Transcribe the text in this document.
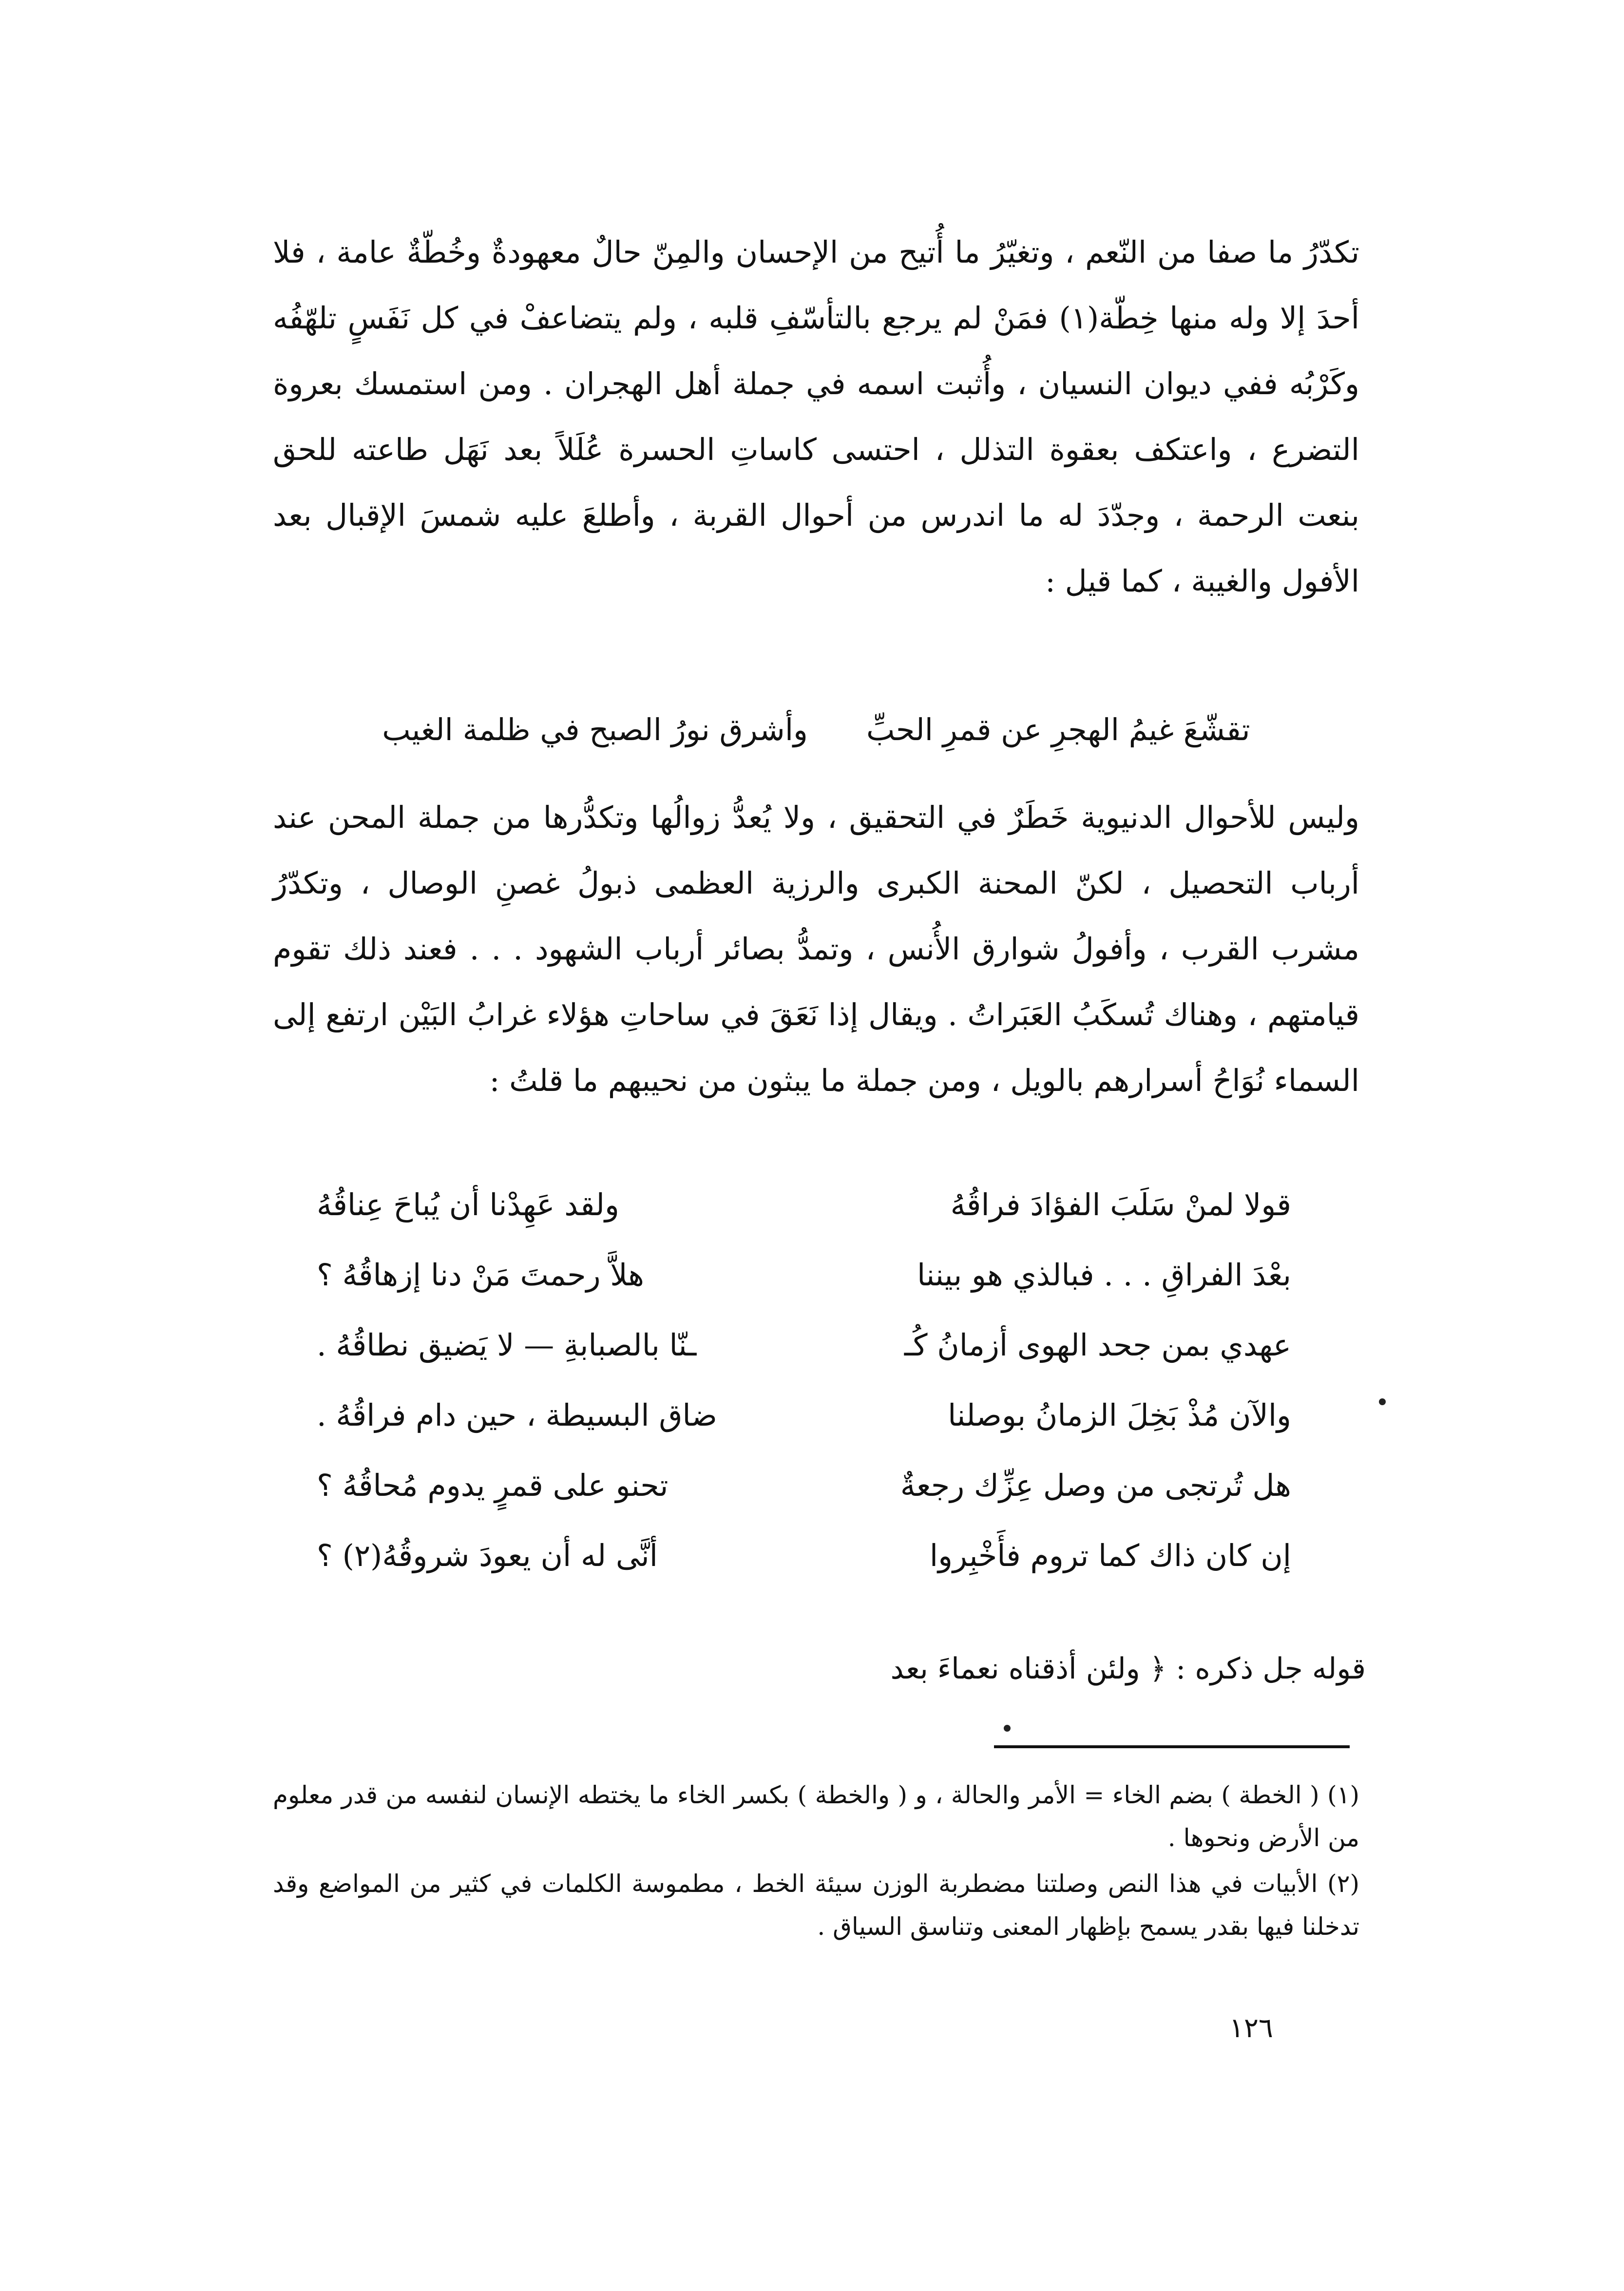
تكدّرُ ما صفا من النّعم ، وتغيّرُ ما أُتيح من الإحسان والمِنّ حالٌ معهودةٌ وخُطّةٌ عامة ، فلا أحدَ إلا وله منها خِطّة(١) فمَنْ لم يرجع بالتأسّفِ قلبه ، ولم يتضاعفْ في كل نَفَسٍ تلهّفُه وكَرْبُه ففي ديوان النسيان ، وأُثبت اسمه في جملة أهل الهجران . ومن استمسك بعروة التضرع ، واعتكف بعقوة التذلل ، احتسى كاساتِ الحسرة عُلَلاً بعد نَهَل طاعته للحق بنعت الرحمة ، وجدّدَ له ما اندرس من أحوال القربة ، وأطلعَ عليه شمسَ الإقبال بعد الأفول والغيبة ، كما قيل :

تقشّعَ غيمُ الهجرِ عن قمرِ الحبِّوأشرق نورُ الصبح في ظلمة الغيب

وليس للأحوال الدنيوية خَطَرٌ في التحقيق ، ولا يُعدُّ زوالُها وتكدُّرها من جملة المحن عند أرباب التحصيل ، لكنّ المحنة الكبرى والرزية العظمى ذبولُ غصنِ الوصال ، وتكدّرُ مشرب القرب ، وأفولُ شوارق الأُنس ، وتمدُّ بصائر أرباب الشهود . . . فعند ذلك تقوم قيامتهم ، وهناك تُسكَبُ العَبَراتُ . ويقال إذا نَعَقَ في ساحاتِ هؤلاء غرابُ البَيْن ارتفع إلى السماء نُوَاحُ أسرارهم بالويل ، ومن جملة ما يبثون من نحيبهم ما قلتُ :

قولا لمنْ سَلَبَ الفؤادَ فراقُهُ
ولقد عَهِدْنا أن يُباحَ عِناقُهُ
بعْدَ الفراقِ . . . فبالذي هو بيننا
هلاَّ رحمتَ مَنْ دنا إزهاقُهُ ؟
عهدي بمن جحد الهوى أزمانُ كُـ
ـنّا بالصبابةِ — لا يَضيق نطاقُهُ .
والآن مُذْ بَخِلَ الزمانُ بوصلنا
ضاق البسيطة ، حين دام فراقُهُ .
هل تُرتجى من وصل عِزِّك رجعةٌ
تحنو على قمرٍ يدوم مُحاقُهُ ؟
إن كان ذاك كما تروم فأَخْبِروا
أنَّى له أن يعودَ شروقُهُ(٢) ؟
قوله جل ذكره : ﴿ ولئن أذقناه نعماءَ بعد

(١) ( الخطة ) بضم الخاء = الأمر والحالة ، و ( والخطة ) بكسر الخاء ما يختطه الإنسان لنفسه من قدر معلوم من الأرض ونحوها .

(٢) الأبيات في هذا النص وصلتنا مضطربة الوزن سيئة الخط ، مطموسة الكلمات في كثير من المواضع وقد تدخلنا فيها بقدر يسمح بإظهار المعنى وتناسق السياق .

١٢٦
